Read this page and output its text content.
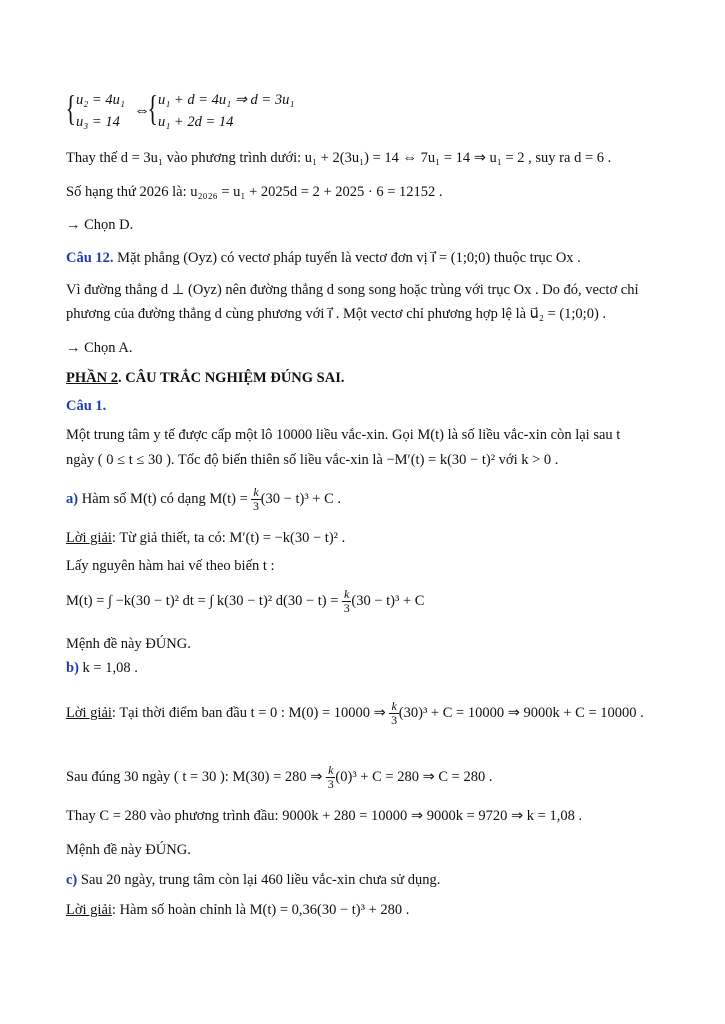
{ u₂ = 4u₁
u₃ = 14
⇔
{ u₁ + d = 4u₁ ⇒ d = 3u₁
u₁ + 2d = 14
Thay thế d = 3u₁ vào phương trình dưới: u₁ + 2(3u₁) = 14 ⇔ 7u₁ = 14 ⇒ u₁ = 2 , suy ra d = 6 .
Số hạng thứ 2026 là: u₂₀₂₆ = u₁ + 2025d = 2 + 2025 · 6 = 12152 .
→ Chọn D.
Câu 12. Mặt phẳng (Oyz) có vectơ pháp tuyến là vectơ đơn vị i⃗ = (1;0;0) thuộc trục Ox .
Vì đường thẳng d ⊥ (Oyz) nên đường thẳng d song song hoặc trùng với trục Ox . Do đó, vectơ chỉ
phương của đường thẳng d cùng phương với i⃗ . Một vectơ chỉ phương hợp lệ là u⃗₂ = (1;0;0) .
→ Chọn A.
PHẦN 2. CÂU TRẮC NGHIỆM ĐÚNG SAI.
Câu 1.
Một trung tâm y tế được cấp một lô 10000 liều vắc-xin. Gọi M(t) là số liều vắc-xin còn lại sau t
ngày ( 0 ≤ t ≤ 30 ). Tốc độ biến thiên số liều vắc-xin là −M′(t) = k(30 − t)² với k > 0 .
a) Hàm số M(t) có dạng $M(t) = \frac{k}{3} (30 - t)^3 + C$ .
Lời giải: Từ giả thiết, ta có: M′(t) = −k(30 − t)² .
Lấy nguyên hàm hai vế theo biến t :
M(t) = ∫ −k(30 − t)² dt = ∫ k(30 − t)² $d(30 - t) = \frac{k}{3} (30 - t)^3 + C$
Mệnh đề này ĐÚNG.
b) k = 1,08 .
Lời giải: Tại thời điểm ban đầu t = 0 : M(0) = 10000 ⇒ $\frac{k}{3} (30)^3 + C = 10000$ ⇒ 9000k + C = 10000 .
Sau đúng 30 ngày ( t = 30 ): M(30) = 280 ⇒ $\frac{k}{3} (0)^3 + C = 280$ ⇒ C = 280 .
Thay C = 280 vào phương trình đầu: 9000k + 280 = 10000 ⇒ 9000k = 9720 ⇒ k = 1,08 .
Mệnh đề này ĐÚNG.
c) Sau 20 ngày, trung tâm còn lại 460 liều vắc-xin chưa sử dụng.
Lời giải: Hàm số hoàn chỉnh là M(t) = 0,36(30 − t)³ + 280 .
